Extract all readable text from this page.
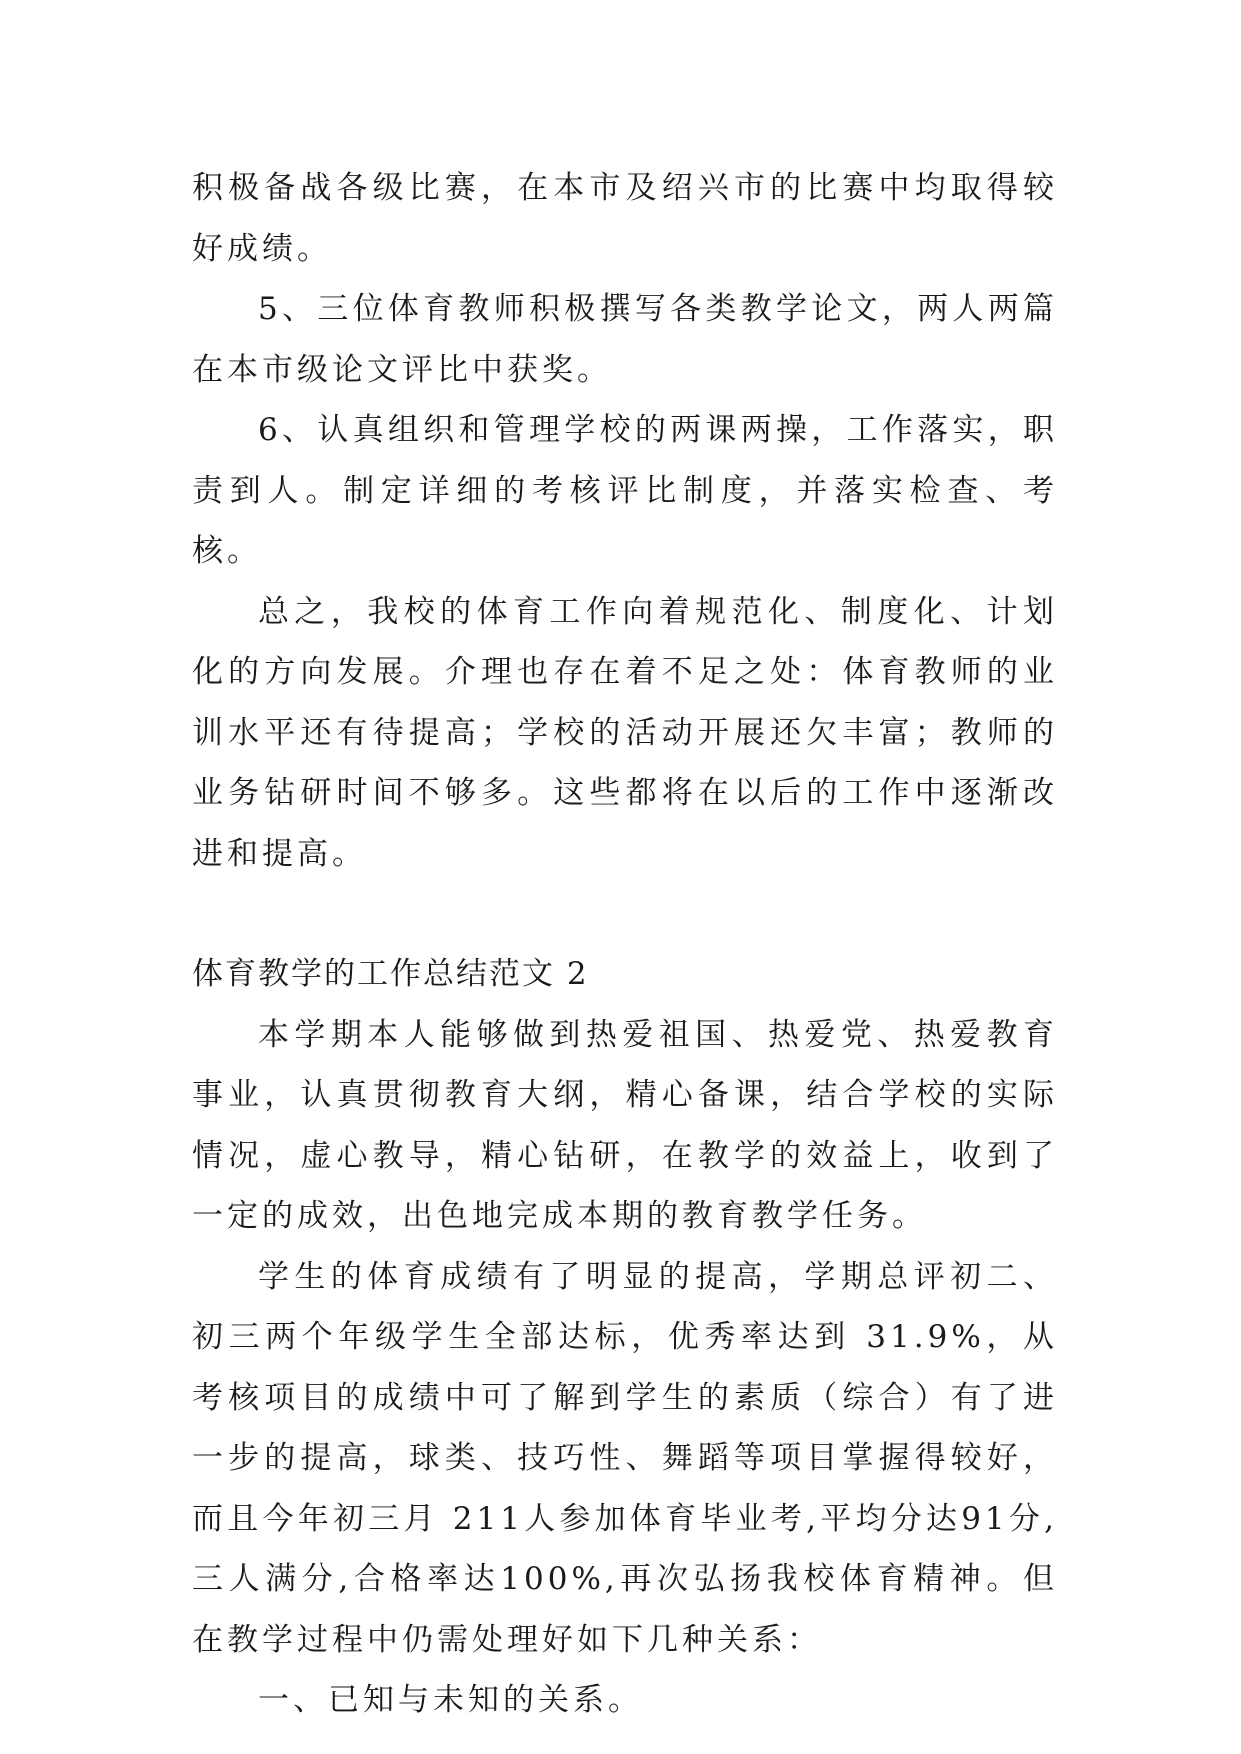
积极备战各级比赛，在本市及绍兴市的比赛中均取得较好成绩。

5、三位体育教师积极撰写各类教学论文，两人两篇在本市级论文评比中获奖。

6、认真组织和管理学校的两课两操，工作落实，职责到人。制定详细的考核评比制度，并落实检查、考核。

总之，我校的体育工作向着规范化、制度化、计划化的方向发展。介理也存在着不足之处：体育教师的业训水平还有待提高；学校的活动开展还欠丰富；教师的业务钻研时间不够多。这些都将在以后的工作中逐渐改进和提高。

体育教学的工作总结范文 2

本学期本人能够做到热爱祖国、热爱党、热爱教育事业，认真贯彻教育大纲，精心备课，结合学校的实际情况，虚心教导，精心钻研，在教学的效益上，收到了一定的成效，出色地完成本期的教育教学任务。

学生的体育成绩有了明显的提高，学期总评初二、初三两个年级学生全部达标，优秀率达到 31.9%，从考核项目的成绩中可了解到学生的素质（综合）有了进一步的提高，球类、技巧性、舞蹈等项目掌握得较好，而且今年初三月 211人参加体育毕业考,平均分达91分,三人满分,合格率达100%,再次弘扬我校体育精神。但在教学过程中仍需处理好如下几种关系：

一、已知与未知的关系。
